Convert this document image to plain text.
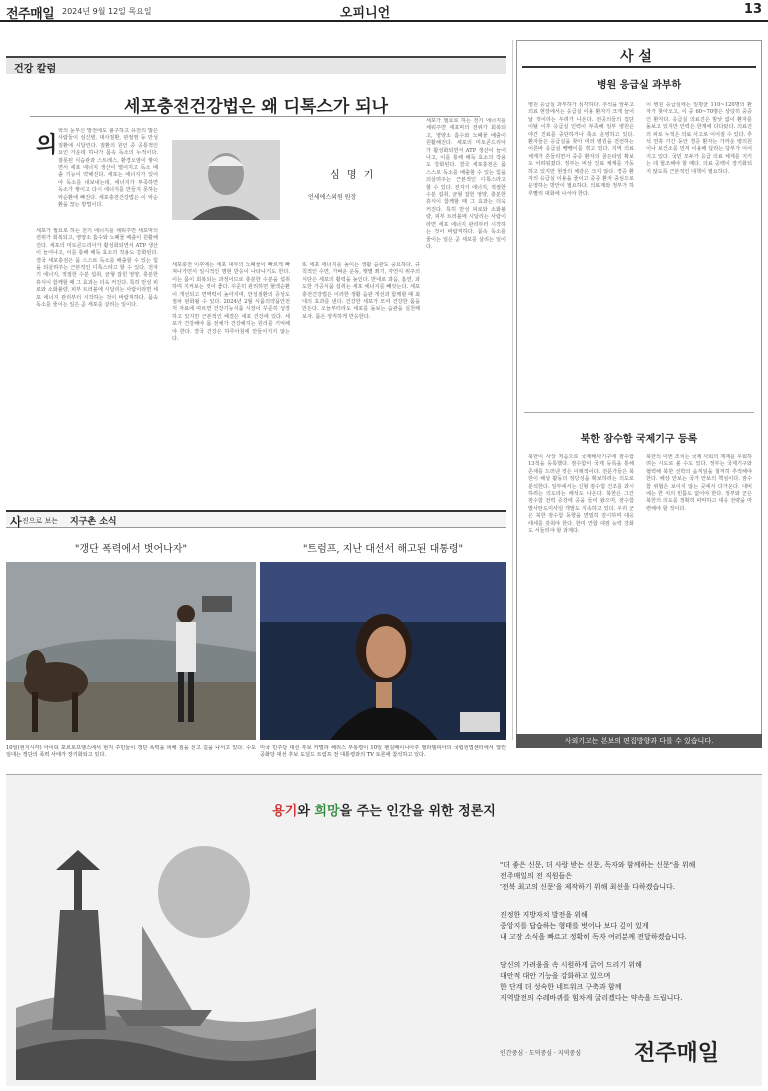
전주매일 2024년 9월 12일 목요일	오피니언	13
건강 칼럼
세포충전건강법은 왜 디톡스가 되나
심 명 기
언세에스외원 원장
의
학의 눈부신 발전에도 불구하고 유전의 많은 사람들이 심신병, 대사질환, 관절염 등 만성질환에 시달린다. 질환의 원인 중 공통적인 요인 가운데 하나가 몸속 독소의 누적이다. 잘못된 식습관과 스트레스, 환경오염이 쌓이면서 세포 에너지 생산이 떨어지고 독소 배출 기능이 약해진다. 세포는 에너지가 있어야 독소를 내보내는데, 에너지가 부족하면 독소가 쌓이고 다시 에너지를 만들지 못하는 악순환에 빠진다. 세포충전건강법은 이 악순환을 끊는 방법이다.
세포가 필요로 하는 전기 에너지를 채워주면 세포막의 전위가 회복되고, 영양소 흡수와 노폐물 배출이 원활해진다. 세포의 미토콘드리아가 활성화되면서 ATP 생산이 늘어나고, 이를 통해 해독 효소의 작용도 강화된다. 결국 세포충전은 몸 스스로 독소를 배출할 수 있는 힘을 되살려주는 근본적인 디톡스라고 할 수 있다. 전자기 에너지, 적절한 수분 섭취, 균형 잡힌 영양, 충분한 휴식이 함께할 때 그 효과는 더욱 커진다. 특히 만성 피로와 소화불량, 피부 트러블에 시달리는 사람이라면 세포 에너지 관리부터 시작하는 것이 바람직하다. 몸속 독소를 줄이는 일은 곧 세포를 살리는 일이다.
세포충전 이후에는 세포 내부의 노폐물이 빠르게 빠져나가면서 일시적인 명현 반응이 나타나기도 한다. 이는 몸이 회복되는 과정이므로 충분한 수분을 섭취하며 지켜보는 것이 좋다. 꾸준히 관리하면 혈액순환이 개선되고 면역력이 높아지며, 만성질환의 증상도 점차 완화될 수 있다. 2024년 2월 식품의약품안전처 자료에 따르면 건강기능식품 시장이 꾸준히 성장하고 있지만 근본적인 해결은 세포 건강에 있다. 세포가 건강해야 몸 전체가 건강해지는 원리를 기억해야 한다. 결국 건강은 하루아침에 만들어지지 않는다.
또 세포 에너지를 높이는 생활 습관도 중요하다. 규칙적인 수면, 가벼운 운동, 햇볕 쬐기, 자연식 위주의 식단은 세포의 활력을 높인다. 반대로 과음, 흡연, 과도한 가공식품 섭취는 세포 에너지를 빼앗는다. 세포충전건강법은 이러한 생활 습관 개선과 함께할 때 최대의 효과를 낸다. 건강한 세포가 모여 건강한 몸을 만든다. 오늘부터라도 세포를 돌보는 습관을 실천해 보자. 몸은 정직하게 반응한다.
세포가 필요로 하는 전기 에너지를 채워주면 세포막의 전위가 회복되고, 영양소 흡수와 노폐물 배출이 원활해진다. 세포의 미토콘드리아가 활성화되면서 ATP 생산이 늘어나고, 이를 통해 해독 효소의 작용도 강화된다. 결국 세포충전은 몸 스스로 독소를 배출할 수 있는 힘을 되살려주는 근본적인 디톡스라고 할 수 있다. 전자기 에너지, 적절한 수분 섭취, 균형 잡힌 영양, 충분한 휴식이 함께할 때 그 효과는 더욱 커진다. 특히 만성 피로와 소화불량, 피부 트러블에 시달리는 사람이라면 세포 에너지 관리부터 시작하는 것이 바람직하다. 몸속 독소를 줄이는 일은 곧 세포를 살리는 일이다.
사 설
병원 응급실 과부하
병원 응급실 과부하가 심각하다. 추석을 앞두고 의료 현장에서는 응급실 이용 환자가 크게 늘어날 것이라는 우려가 나온다. 전공의들의 집단 이탈 이후 응급실 인력이 부족해 일부 병원은 야간 진료를 중단하거나 축소 운영하고 있다. 환자들은 응급실을 찾아 여러 병원을 전전하는 이른바 응급실 뺑뺑이를 겪고 있다. 지역 의료 체계가 흔들리면서 중증 환자의 골든타임 확보도 어려워졌다. 정부는 비상 진료 체계를 가동하고 있지만 현장의 체감은 크지 않다. 경증 환자의 응급실 이용을 줄이고 중증 환자 중심으로 운영하는 방안이 필요하다. 의료계와 정부가 하루빨리 대화에 나서야 한다.
이 병원 응급실에는 일평균 110~120명의 환자가 찾아오고, 이 중 60~70명은 상당히 중증인 환자다. 응급실 의료진은 밤낮 없이 환자를 돌보고 있지만 인력은 한계에 다다랐다. 의료진의 피로 누적은 의료 사고로 이어질 수 있다. 추석 연휴 기간 동안 경증 환자는 가까운 병의원이나 보건소를 먼저 이용해 달라는 당부가 이어지고 있다. 국민 모두가 응급 의료 체계를 지키는 데 협조해야 할 때다. 의료 공백이 장기화되지 않도록 근본적인 대책이 필요하다.
북한 잠수함 국제기구 등록
북한이 사상 처음으로 국제해사기구에 잠수함 13척을 등록했다. 잠수함이 국제 등록을 통해 존재를 드러낸 것은 이례적이다. 전문가들은 북한이 해상 활동의 정당성을 확보하려는 의도로 분석한다. 일부에서는 신형 잠수함 건조를 과시하려는 의도라는 해석도 나온다. 북한은 그간 잠수함 전력 증강에 공을 들여 왔으며, 잠수함발사탄도미사일 개발도 지속하고 있다. 우리 군은 북한 잠수함 동향을 면밀히 감시하며 대응 태세를 갖춰야 한다. 한미 연합 대잠 능력 강화도 서둘러야 할 과제다.
북한의 이번 조치는 국제 사회의 제재를 우회하려는 시도로 볼 수도 있다. 정부는 국제기구와 협력해 북한 선박의 움직임을 철저히 추적해야 한다. 해상 안보는 국가 안보의 핵심이다. 잠수함 위협은 보이지 않는 곳에서 다가온다. 대비에는 한 치의 빈틈도 없어야 한다. 정부와 군은 북한의 의도를 정확히 파악하고 대응 전략을 마련해야 할 것이다.
사 진으로 보는 지구촌 소식
"갱단 폭력에서 벗어나자"
10일(현지시각) 아이티 포르토프랭스에서 현지 주민들이 갱단 폭력을 피해 짐을 싣고 길을 나서고 있다. 수도 일대는 갱단의 폭력 사태가 장기화되고 있다.
"트럼프, 지난 대선서 해고된 대통령"
미국 민주당 대선 후보 카멀라 해리스 부통령이 10일 펜실베이니아주 필라델피아의 국립헌법센터에서 열린 공화당 대선 후보 도널드 트럼프 전 대통령과의 TV 토론에 참석하고 있다.
사외기고는 본보의 편집방향과 다를 수 있습니다.
용기와 희망을 주는 인간을 위한 정론지
"더 좋은 신문, 더 사랑 받는 신문, 독자와 함께하는 신문"을 위해
전주매일의 전 직원들은
'전북 최고의 신문'을 제작하기 위해 최선을 다하겠습니다.
진정한 지방자치 발전을 위해
중앙지를 답습하는 형태를 벗어나 보다 깊이 있게
내 고장 소식을 빠르고 정확히 독자 여러분께 전달하겠습니다.
당신의 가려움을 속 시원하게 긁어 드리기 위해
대안적 대안 기능을 강화하고 있으며
한 단계 더 성숙한 네트워크 구축과 함께
지역발전의 수레바퀴를 힘차게 굴리겠다는 약속을 드립니다.
인간중심 · 도덕중심 · 지역중심 전주매일
